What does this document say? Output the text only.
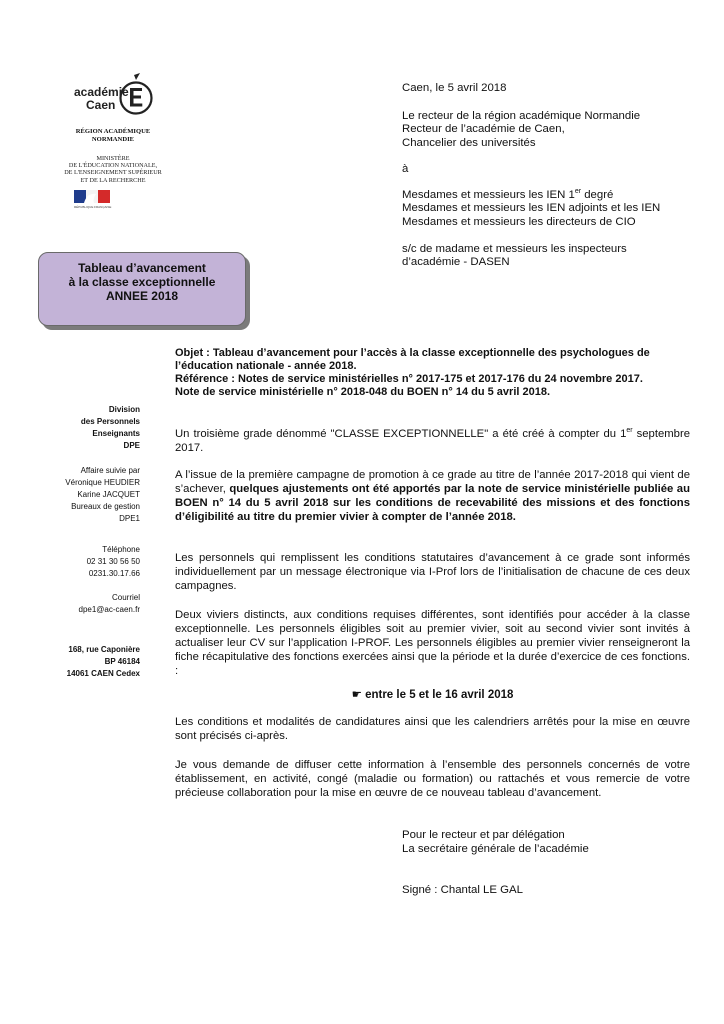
académie
Caen
RÉGION ACADÉMIQUE NORMANDIE
MINISTÈRE
DE L'ÉDUCATION NATIONALE,
DE L'ENSEIGNEMENT SUPÉRIEUR
ET DE LA RECHERCHE
RÉPUBLIQUE FRANÇAISE
Tableau d’avancement
à la classe exceptionnelle
ANNEE 2018
Caen, le 5 avril 2018
Le recteur de la région académique Normandie
Recteur de l’académie de Caen,
Chancelier des universités
à
Mesdames et messieurs les IEN 1er degré
Mesdames et messieurs les IEN adjoints et les IEN
Mesdames et messieurs les directeurs de CIO
s/c de madame et messieurs les inspecteurs
d’académie - DASEN
Objet : Tableau d’avancement pour l’accès à la classe exceptionnelle des psychologues de
l’éducation nationale - année 2018.
Référence : Notes de service ministérielles n° 2017-175 et 2017-176 du 24 novembre 2017.
Note de service ministérielle n° 2018-048 du BOEN n° 14 du 5 avril 2018.
Division
des Personnels
Enseignants
DPE
Affaire suivie par
Véronique HEUDIER
Karine JACQUET
Bureaux de gestion
DPE1
Téléphone
02 31 30 56 50
0231.30.17.66
Courriel
dpe1@ac-caen.fr
168, rue Caponière
BP 46184
14061 CAEN Cedex
Un troisième grade dénommé "CLASSE EXCEPTIONNELLE" a été créé à compter du 1er septembre 2017.
A l’issue de la première campagne de promotion à ce grade au titre de l’année 2017-2018 qui vient de s’achever, quelques ajustements ont été apportés par la note de service ministérielle publiée au BOEN n° 14 du 5 avril 2018 sur les conditions de recevabilité des missions et des fonctions d’éligibilité au titre du premier vivier à compter de l’année 2018.
Les personnels qui remplissent les conditions statutaires d’avancement à ce grade sont informés individuellement par un message électronique via I-Prof lors de l’initialisation de chacune de ces deux campagnes.
Deux viviers distincts, aux conditions requises différentes, sont identifiés pour accéder à la classe exceptionnelle. Les personnels éligibles soit au premier vivier, soit au second vivier sont invités à actualiser leur CV sur l’application I-PROF. Les personnels éligibles au premier vivier renseigneront la fiche récapitulative des fonctions exercées ainsi que la période et la durée d’exercice de ces fonctions. :
☛ entre le 5 et le 16 avril 2018
Les conditions et modalités de candidatures ainsi que les calendriers arrêtés pour la mise en œuvre sont précisés ci-après.
Je vous demande de diffuser cette information à l’ensemble des personnels concernés de votre établissement, en activité, congé (maladie ou formation) ou rattachés et vous remercie de votre précieuse collaboration pour la mise en œuvre de ce nouveau tableau d’avancement.
Pour le recteur et par délégation
La secrétaire générale de l’académie
Signé : Chantal LE GAL
